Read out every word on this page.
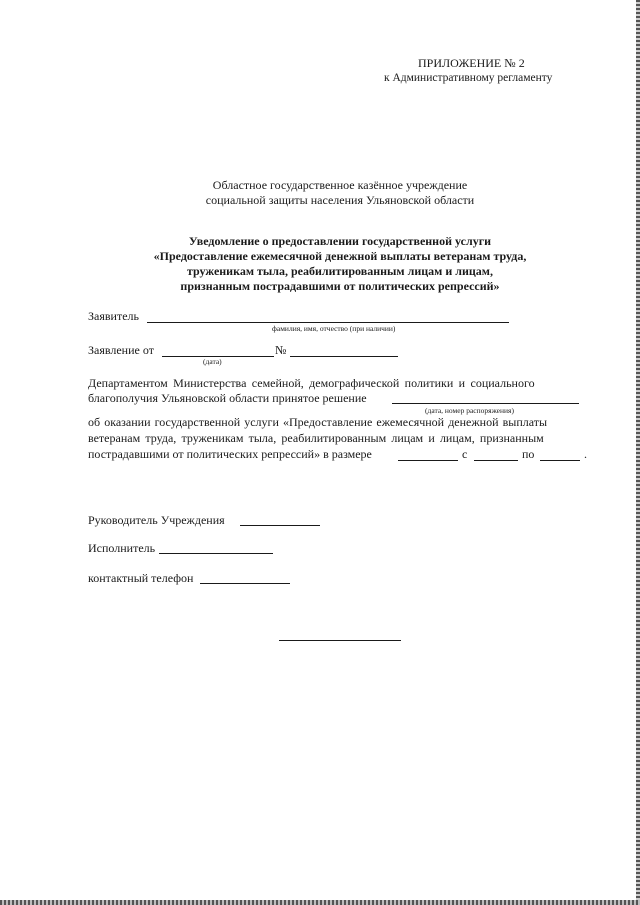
ПРИЛОЖЕНИЕ № 2
к Административному регламенту
Областное государственное казённое учреждение
социальной защиты населения Ульяновской области
Уведомление о предоставлении государственной услуги
«Предоставление ежемесячной денежной выплаты ветеранам труда,
труженикам тыла, реабилитированным лицам и лицам,
признанным пострадавшими от политических репрессий»
Заявитель
фамилия, имя, отчество (при наличии)
Заявление от	№
(дата)
Департаментом Министерства семейной, демографической политики и социального
благополучия Ульяновской области принятое решение
(дата, номер распоряжения)
об оказании государственной услуги «Предоставление ежемесячной денежной выплаты
ветеранам труда, труженикам тыла, реабилитированным лицам и лицам, признанным
пострадавшими от политических репрессий» в размере	с	по	.
Руководитель Учреждения
Исполнитель
контактный телефон
